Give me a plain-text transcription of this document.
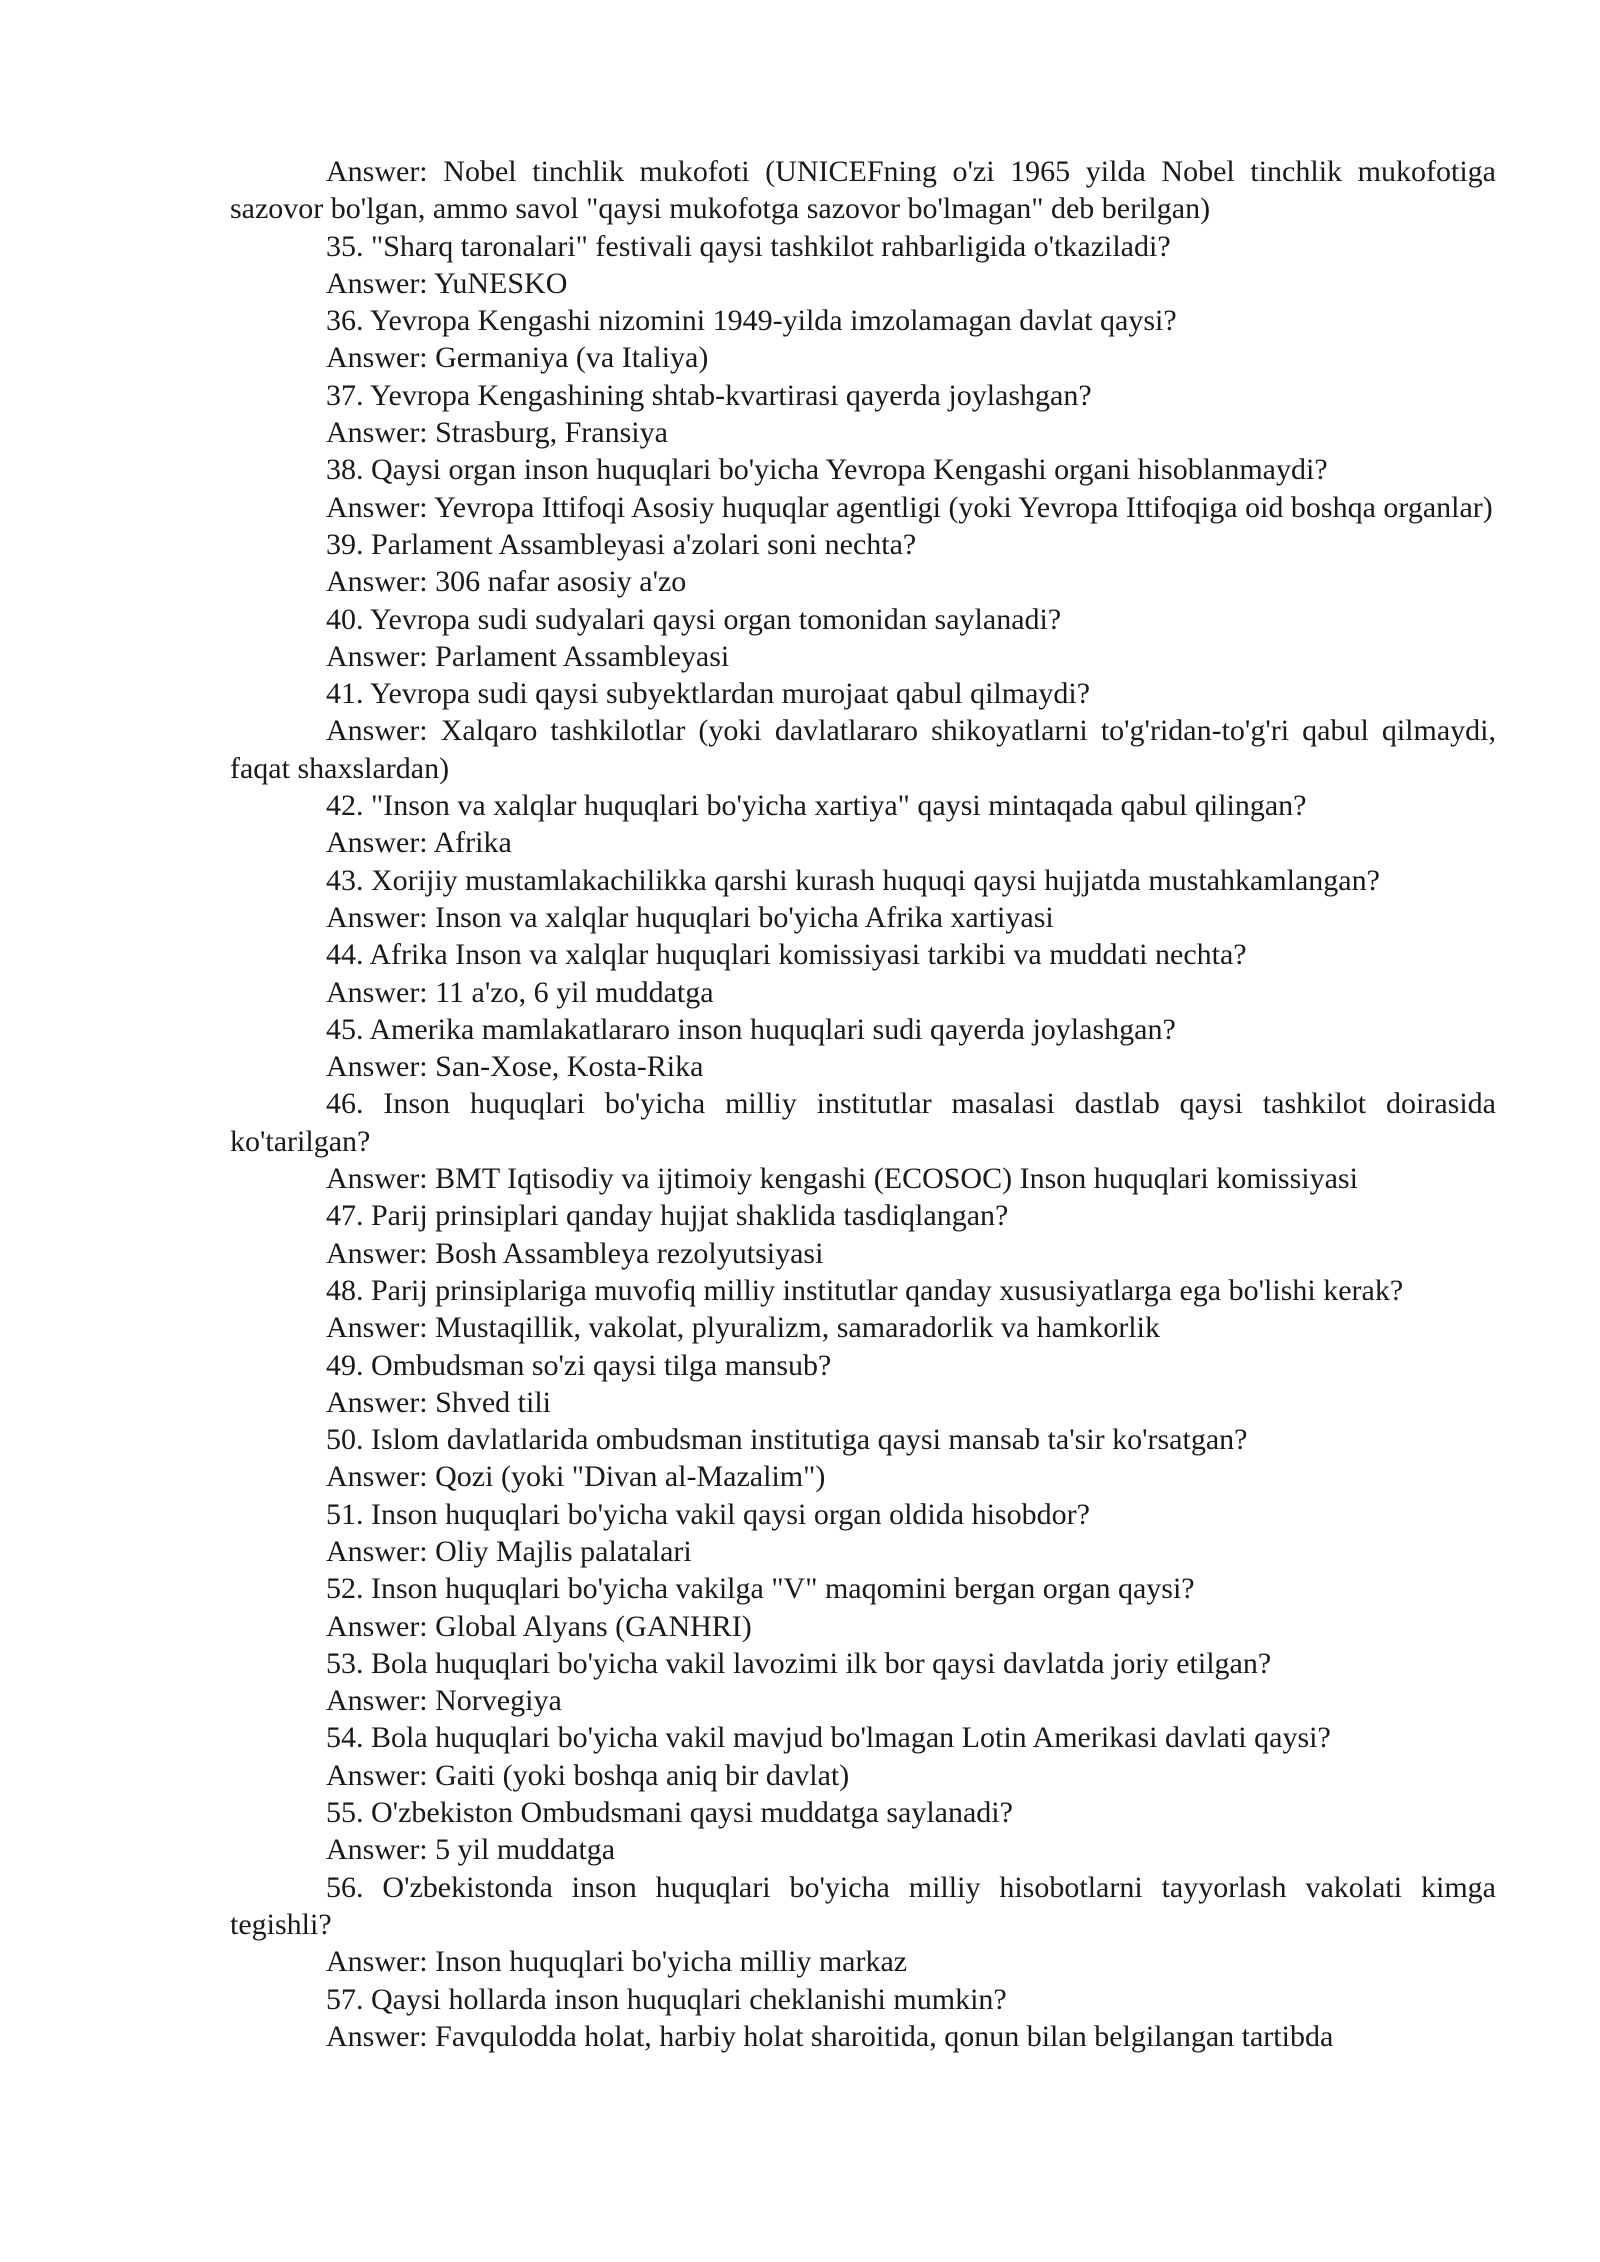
Answer: Nobel tinchlik mukofoti (UNICEFning o'zi 1965 yilda Nobel tinchlik mukofotiga sazovor bo'lgan, ammo savol "qaysi mukofotga sazovor bo'lmagan" deb berilgan)

35. "Sharq taronalari" festivali qaysi tashkilot rahbarligida o'tkaziladi?

Answer: YuNESKO

36. Yevropa Kengashi nizomini 1949-yilda imzolamagan davlat qaysi?

Answer: Germaniya (va Italiya)

37. Yevropa Kengashining shtab-kvartirasi qayerda joylashgan?

Answer: Strasburg, Fransiya

38. Qaysi organ inson huquqlari bo'yicha Yevropa Kengashi organi hisoblanmaydi?

Answer: Yevropa Ittifoqi Asosiy huquqlar agentligi (yoki Yevropa Ittifoqiga oid boshqa organlar)

39. Parlament Assambleyasi a'zolari soni nechta?

Answer: 306 nafar asosiy a'zo

40. Yevropa sudi sudyalari qaysi organ tomonidan saylanadi?

Answer: Parlament Assambleyasi

41. Yevropa sudi qaysi subyektlardan murojaat qabul qilmaydi?

Answer: Xalqaro tashkilotlar (yoki davlatlararo shikoyatlarni to'g'ridan-to'g'ri qabul qilmaydi, faqat shaxslardan)

42. "Inson va xalqlar huquqlari bo'yicha xartiya" qaysi mintaqada qabul qilingan?

Answer: Afrika

43. Xorijiy mustamlakachilikka qarshi kurash huquqi qaysi hujjatda mustahkamlangan?

Answer: Inson va xalqlar huquqlari bo'yicha Afrika xartiyasi

44. Afrika Inson va xalqlar huquqlari komissiyasi tarkibi va muddati nechta?

Answer: 11 a'zo, 6 yil muddatga

45. Amerika mamlakatlararo inson huquqlari sudi qayerda joylashgan?

Answer: San-Xose, Kosta-Rika

46. Inson huquqlari bo'yicha milliy institutlar masalasi dastlab qaysi tashkilot doirasida ko'tarilgan?

Answer: BMT Iqtisodiy va ijtimoiy kengashi (ECOSOC) Inson huquqlari komissiyasi

47. Parij prinsiplari qanday hujjat shaklida tasdiqlangan?

Answer: Bosh Assambleya rezolyutsiyasi

48. Parij prinsiplariga muvofiq milliy institutlar qanday xususiyatlarga ega bo'lishi kerak?

Answer: Mustaqillik, vakolat, plyuralizm, samaradorlik va hamkorlik

49. Ombudsman so'zi qaysi tilga mansub?

Answer: Shved tili

50. Islom davlatlarida ombudsman institutiga qaysi mansab ta'sir ko'rsatgan?

Answer: Qozi (yoki "Divan al-Mazalim")

51. Inson huquqlari bo'yicha vakil qaysi organ oldida hisobdor?

Answer: Oliy Majlis palatalari

52. Inson huquqlari bo'yicha vakilga "V" maqomini bergan organ qaysi?

Answer: Global Alyans (GANHRI)

53. Bola huquqlari bo'yicha vakil lavozimi ilk bor qaysi davlatda joriy etilgan?

Answer: Norvegiya

54. Bola huquqlari bo'yicha vakil mavjud bo'lmagan Lotin Amerikasi davlati qaysi?

Answer: Gaiti (yoki boshqa aniq bir davlat)

55. O'zbekiston Ombudsmani qaysi muddatga saylanadi?

Answer: 5 yil muddatga

56. O'zbekistonda inson huquqlari bo'yicha milliy hisobotlarni tayyorlash vakolati kimga tegishli?

Answer: Inson huquqlari bo'yicha milliy markaz

57. Qaysi hollarda inson huquqlari cheklanishi mumkin?

Answer: Favqulodda holat, harbiy holat sharoitida, qonun bilan belgilangan tartibda
